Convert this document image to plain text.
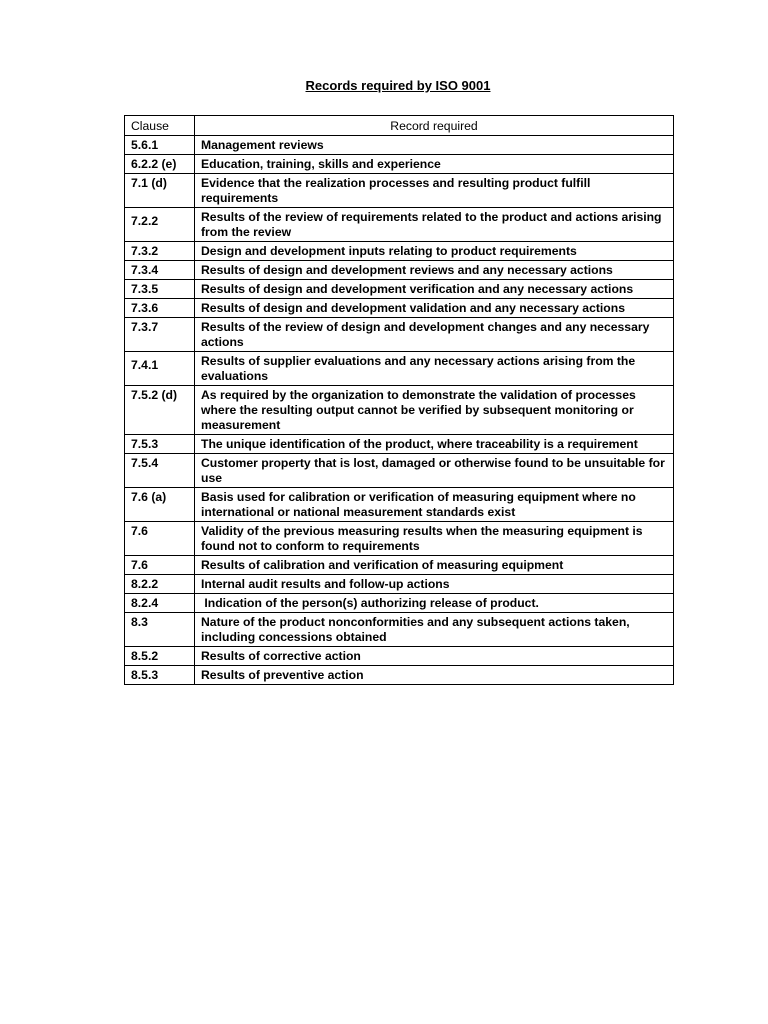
Records required by ISO 9001
Clause	Record required
5.6.1	Management reviews
6.2.2 (e)	Education, training, skills and experience
7.1 (d)	Evidence that the realization processes and resulting product fulfill requirements
7.2.2	Results of the review of requirements related to the product and actions arising from the review
7.3.2	Design and development inputs relating to product requirements
7.3.4	Results of design and development reviews and any necessary actions
7.3.5	Results of design and development verification and any necessary actions
7.3.6	Results of design and development validation and any necessary actions
7.3.7	Results of the review of design and development changes and any necessary actions
7.4.1	Results of supplier evaluations and any necessary actions arising from the evaluations
7.5.2 (d)	As required by the organization to demonstrate the validation of processes where the resulting output cannot be verified by subsequent monitoring or measurement
7.5.3	The unique identification of the product, where traceability is a requirement
7.5.4	Customer property that is lost, damaged or otherwise found to be unsuitable for use
7.6 (a)	Basis used for calibration or verification of measuring equipment where no international or national measurement standards exist
7.6	Validity of the previous measuring results when the measuring equipment is found not to conform to requirements
7.6	Results of calibration and verification of measuring equipment
8.2.2	Internal audit results and follow-up actions
8.2.4	Indication of the person(s) authorizing release of product.
8.3	Nature of the product nonconformities and any subsequent actions taken, including concessions obtained
8.5.2	Results of corrective action
8.5.3	Results of preventive action
